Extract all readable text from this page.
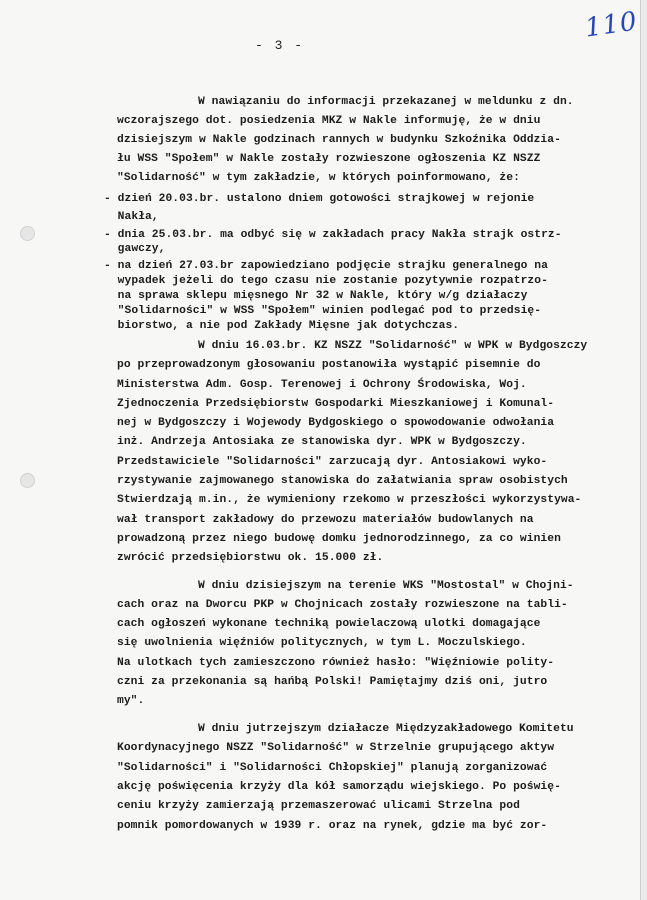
110
- 3 -
W nawiązaniu do informacji przekazanej w meldunku z dn.
wczorajszego dot. posiedzenia MKZ w Nakle informuję, że w dniu
dzisiejszym w Nakle godzinach rannych w budynku Szkoźnika Oddzia-
łu WSS "Społem" w Nakle zostały rozwieszone ogłoszenia KZ NSZZ
"Solidarność" w tym zakładzie, w których poinformowano, że:
- dzień 20.03.br. ustalono dniem gotowości strajkowej w rejonie
Nakła,
- dnia 25.03.br. ma odbyć się w zakładach pracy Nakła strajk ostrz-
gawczy,
- na dzień 27.03.br zapowiedziano podjęcie strajku generalnego na
wypadek jeżeli do tego czasu nie zostanie pozytywnie rozpatrzo-
na sprawa sklepu mięsnego Nr 32 w Nakle, który w/g działaczy
"Solidarności" w WSS "Społem" winien podlegać pod to przedsię-
biorstwo, a nie pod Zakłady Mięsne jak dotychczas.
W dniu 16.03.br. KZ NSZZ "Solidarność" w WPK w Bydgoszczy
po przeprowadzonym głosowaniu postanowiła wystąpić pisemnie do
Ministerstwa Adm. Gosp. Terenowej i Ochrony Środowiska, Woj.
Zjednoczenia Przedsiębiorstw Gospodarki Mieszkaniowej i Komunal-
nej w Bydgoszczy i Wojewody Bydgoskiego o spowodowanie odwołania
inż. Andrzeja Antosiaka ze stanowiska dyr. WPK w Bydgoszczy.
Przedstawiciele "Solidarności" zarzucają dyr. Antosiakowi wyko-
rzystywanie zajmowanego stanowiska do załatwiania spraw osobistych
Stwierdzają m.in., że wymieniony rzekomo w przeszłości wykorzystywa-
wał transport zakładowy do przewozu materiałów budowlanych na
prowadzoną przez niego budowę domku jednorodzinnego, za co winien
zwrócić przedsiębiorstwu ok. 15.000 zł.
W dniu dzisiejszym na terenie WKS "Mostostal" w Chojni-
cach oraz na Dworcu PKP w Chojnicach zostały rozwieszone na tabli-
cach ogłoszeń wykonane techniką powielaczową ulotki domagające
się uwolnienia więźniów politycznych, w tym L. Moczulskiego.
Na ulotkach tych zamieszczono również hasło: "Więźniowie polity-
czni za przekonania są hańbą Polski! Pamiętajmy dziś oni, jutro
my".
W dniu jutrzejszym działacze Międzyzakładowego Komitetu
Koordynacyjnego NSZZ "Solidarność" w Strzelnie grupującego aktyw
"Solidarności" i "Solidarności Chłopskiej" planują zorganizować
akcję poświęcenia krzyży dla kół samorządu wiejskiego. Po poświę-
ceniu krzyży zamierzają przemaszerować ulicami Strzelna pod
pomnik pomordowanych w 1939 r. oraz na rynek, gdzie ma być zor-
